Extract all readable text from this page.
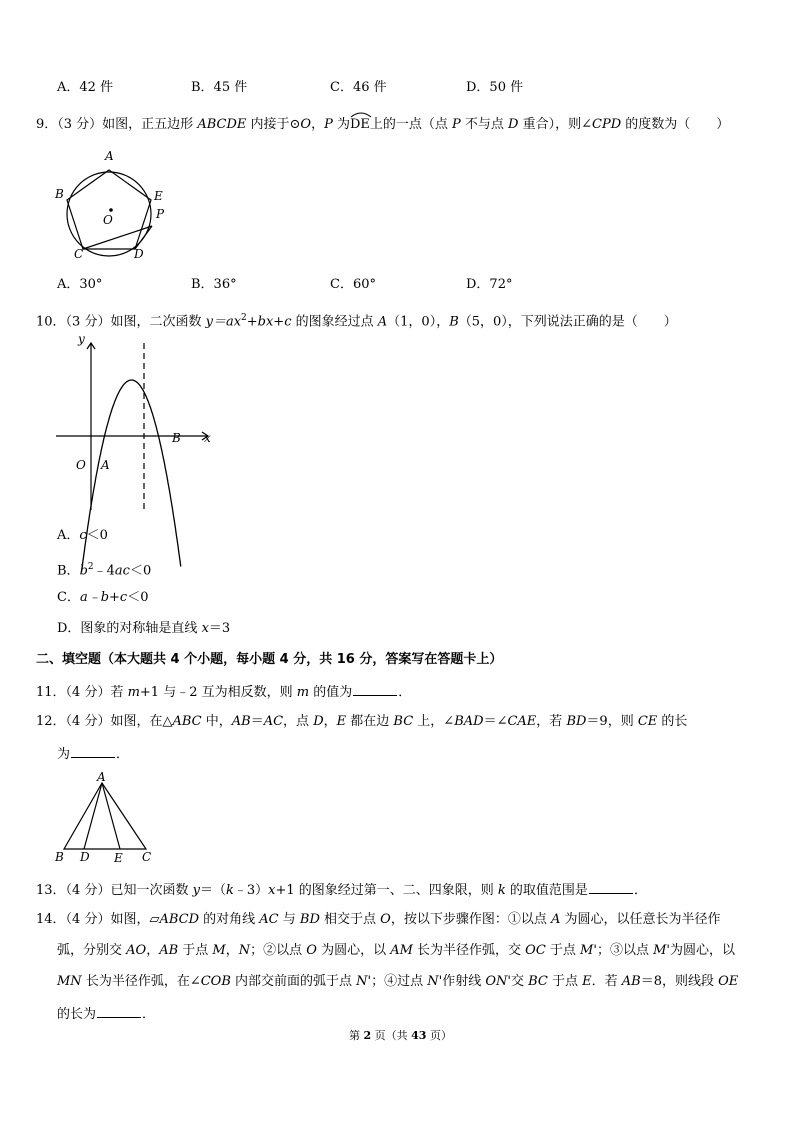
A．42 件	B．45 件	C．46 件	D．50 件
9．（3 分）如图，正五边形 ABCDE 内接于⊙O，P 为
DE上的一点（点 P 不与点 D 重合），则∠CPD 的度数为（　　）
A
B	E
O	P
C	D
A．30°	B．36°	C．60°	D．72°
10．（3 分）如图，二次函数 $y=ax^2+bx+c$ 的图象经过点 A（1，0），B（5，0），下列说法正确的是（　　）
y
x
O A
B
A．c＜0
B．$b^2﹣4ac<0$
C．a﹣b+c＜0
D．图象的对称轴是直线 x＝3
二、填空题（本大题共 4 个小题，每小题 4 分，共 16 分，答案写在答题卡上）
11．（4 分）若 m+1 与﹣2 互为相反数，则 m 的值为	．
12．（4 分）如图，在△ABC 中，AB＝AC，点 D，E 都在边 BC 上，∠BAD＝∠CAE，若 BD＝9，则 CE 的长
为	．
A
B D E C
13．（4 分）已知一次函数 y＝（k﹣3）x+1 的图象经过第一、二、四象限，则 k 的取值范围是	．
14．（4 分）如图，▱ABCD 的对角线 AC 与 BD 相交于点 O，按以下步骤作图：①以点 A 为圆心，以任意长为半径作
弧，分别交 AO，AB 于点 M，N；②以点 O 为圆心，以 AM 长为半径作弧，交 OC 于点 M'；③以点 M'为圆心，以
MN 长为半径作弧，在∠COB 内部交前面的弧于点 N'；④过点 N'作射线 ON'交 BC 于点 E．若 AB＝8，则线段 OE
的长为	．
第 2 页（共 43 页）
